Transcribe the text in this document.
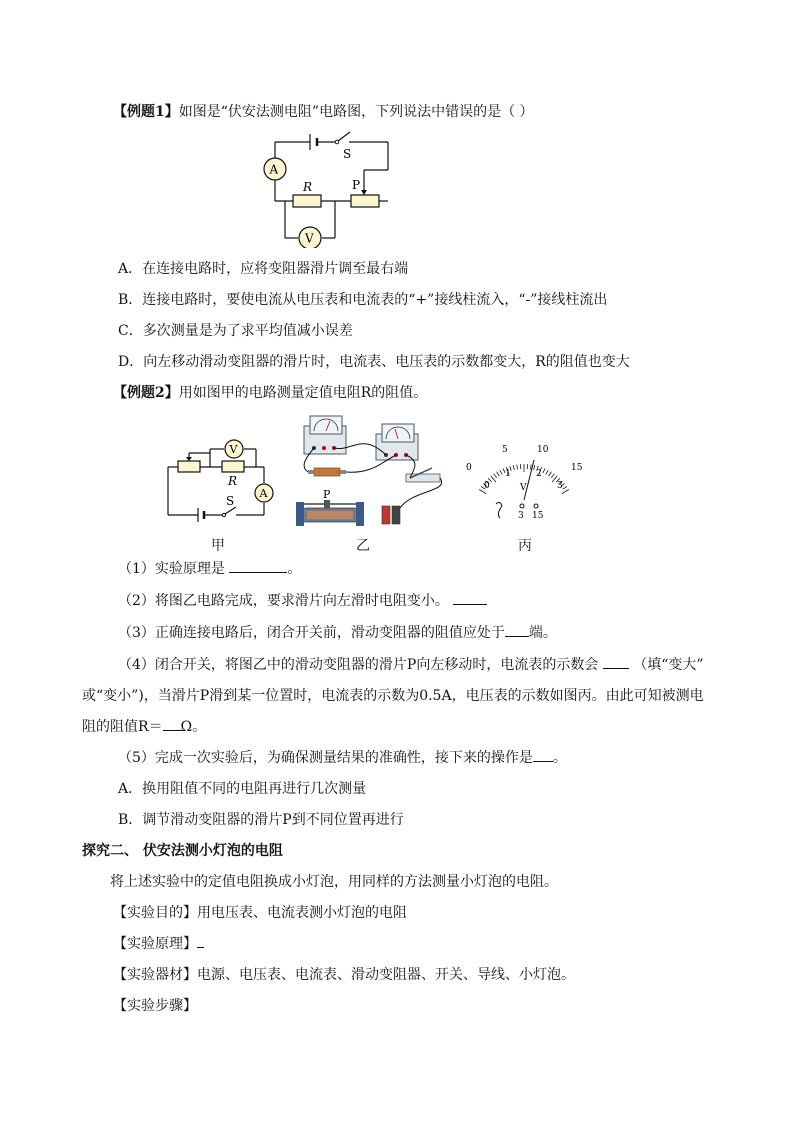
【例题1】如图是“伏安法测电阻”电路图，下列说法中错误的是（ ）
S
A
R	P
V
A．在连接电路时，应将变阻器滑片调至最右端
B．连接电路时，要使电流从电压表和电流表的“+”接线柱流入，“-”接线柱流出
C．多次测量是为了求平均值减小误差
D．向左移动滑动变阻器的滑片时，电流表、电压表的示数都变大，R的阻值也变大
【例题2】用如图甲的电路测量定值电阻R的阻值。
R
V
A
S
甲
P
乙
0
5	10
15
0
1	2
3
V
3 15
丙
（1）实验原理是	。
（2）将图乙电路完成，要求滑片向左滑时电阻变小。
（3）正确连接电路后，闭合开关前，滑动变阻器的阻值应处于 端。
（4）闭合开关，将图乙中的滑动变阻器的滑片P向左移动时，电流表的示数会 （填“变大”
或“变小”)，当滑片P滑到某一位置时，电流表的示数为0.5A，电压表的示数如图丙。由此可知被测电
阻的阻值R＝ Ω。
（5）完成一次实验后，为确保测量结果的准确性，接下来的操作是 。
A．换用阻值不同的电阻再进行几次测量
B．调节滑动变阻器的滑片P到不同位置再进行
探究二、 伏安法测小灯泡的电阻
将上述实验中的定值电阻换成小灯泡，用同样的方法测量小灯泡的电阻。
【实验目的】用电压表、电流表测小灯泡的电阻
【实验原理】
【实验器材】电源、电压表、电流表、滑动变阻器、开关、导线、小灯泡。
【实验步骤】
